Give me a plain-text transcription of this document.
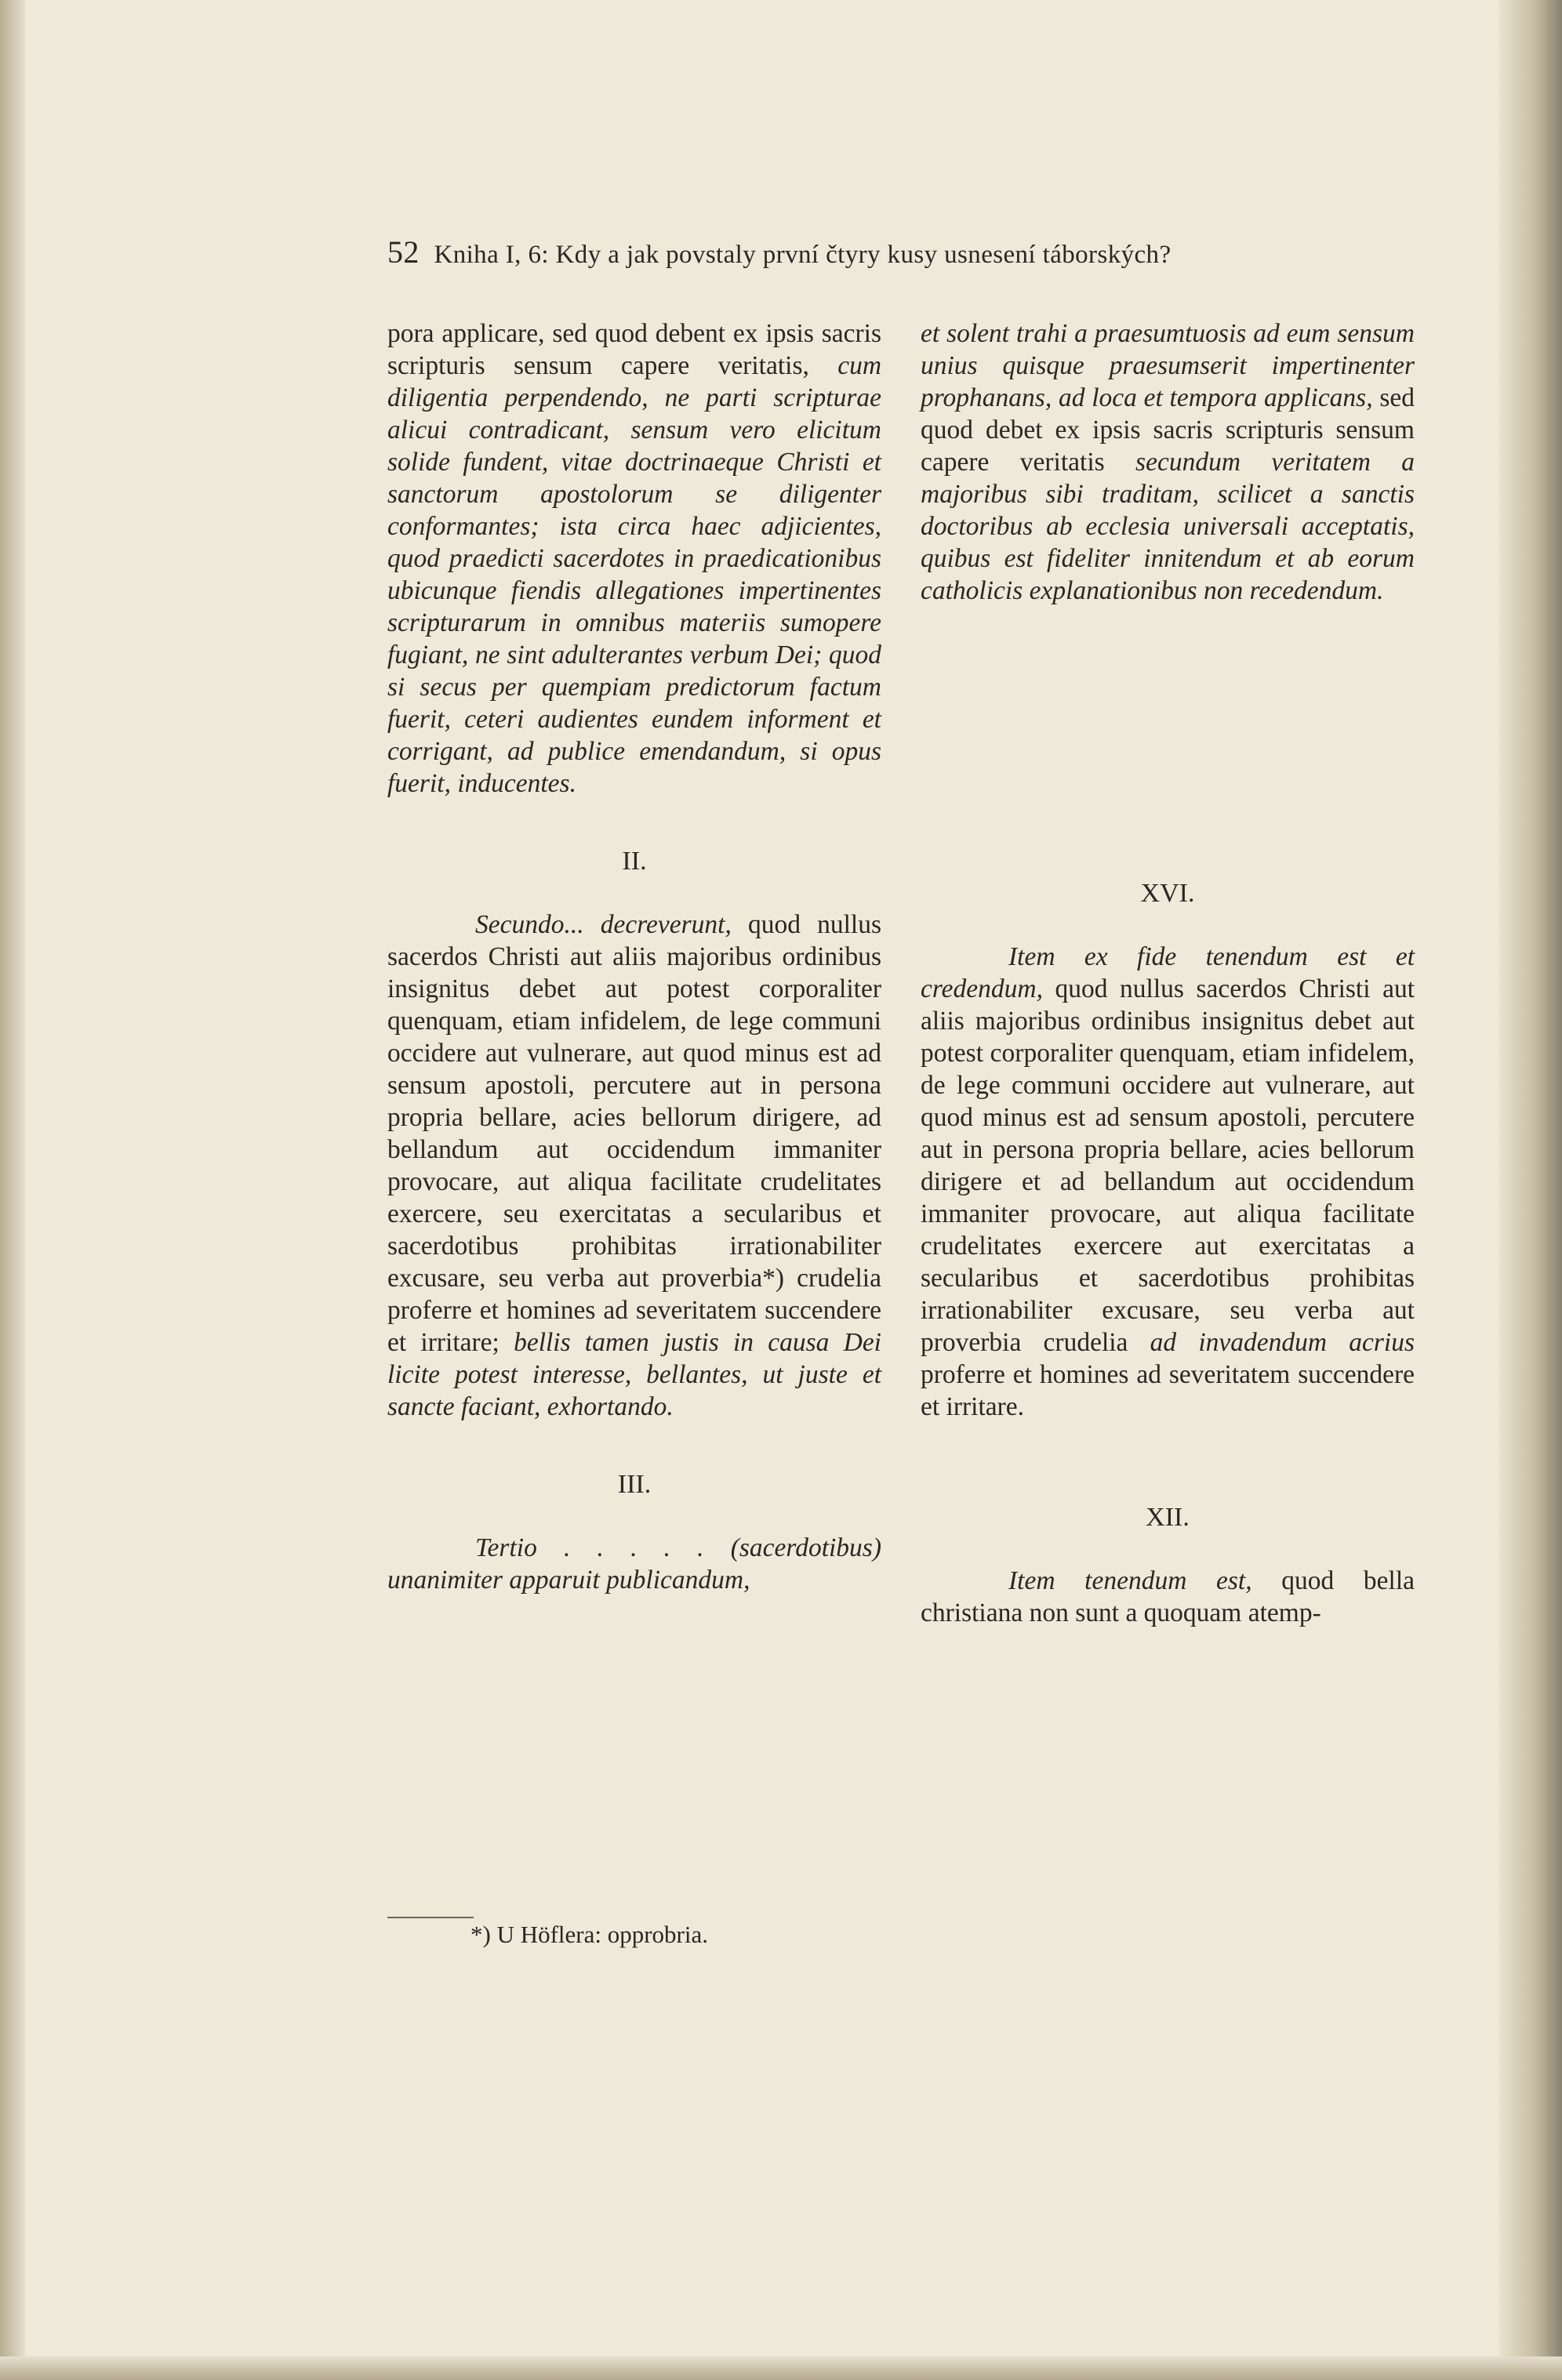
52 Kniha I, 6: Kdy a jak povstaly první čtyry kusy usnesení táborských?

pora applicare, sed quod debent ex ipsis sacris scripturis sensum capere veritatis, cum diligentia perpendendo, ne parti scripturae alicui contradicant, sensum vero elicitum solide fundent, vitae doctrinaeque Christi et sanctorum apostolorum se diligenter conformantes; ista circa haec adjicientes, quod praedicti sacerdotes in praedicationibus ubicunque fiendis allegationes impertinentes scripturarum in omnibus materiis sumopere fugiant, ne sint adulterantes verbum Dei; quod si secus per quempiam predictorum factum fuerit, ceteri audientes eundem informent et corrigant, ad publice emendandum, si opus fuerit, inducentes.

II.

Secundo... decreverunt, quod nullus sacerdos Christi aut aliis majoribus ordinibus insignitus debet aut potest corporaliter quenquam, etiam infidelem, de lege communi occidere aut vulnerare, aut quod minus est ad sensum apostoli, percutere aut in persona propria bellare, acies bellorum dirigere, ad bellandum aut occidendum immaniter provocare, aut aliqua facilitate crudelitates exercere, seu exercitatas a secularibus et sacerdotibus prohibitas irrationabiliter excusare, seu verba aut proverbia*) crudelia proferre et homines ad severitatem succendere et irritare; bellis tamen justis in causa Dei licite potest interesse, bellantes, ut juste et sancte faciant, exhortando.

III.

Tertio . . . . . (sacerdotibus) unanimiter apparuit publicandum,

et solent trahi a praesumtuosis ad eum sensum unius quisque praesumserit impertinenter prophanans, ad loca et tempora applicans, sed quod debet ex ipsis sacris scripturis sensum capere veritatis secundum veritatem a majoribus sibi traditam, scilicet a sanctis doctoribus ab ecclesia universali acceptatis, quibus est fideliter innitendum et ab eorum catholicis explanationibus non recedendum.

XVI.

Item ex fide tenendum est et credendum, quod nullus sacerdos Christi aut aliis majoribus ordinibus insignitus debet aut potest corporaliter quenquam, etiam infidelem, de lege communi occidere aut vulnerare, aut quod minus est ad sensum apostoli, percutere aut in persona propria bellare, acies bellorum dirigere et ad bellandum aut occidendum immaniter provocare, aut aliqua facilitate crudelitates exercere aut exercitatas a secularibus et sacerdotibus prohibitas irrationabiliter excusare, seu verba aut proverbia crudelia ad invadendum acrius proferre et homines ad severitatem succendere et irritare.

XII.

Item tenendum est, quod bella christiana non sunt a quoquam atemp-

*) U Höflera: opprobria.
